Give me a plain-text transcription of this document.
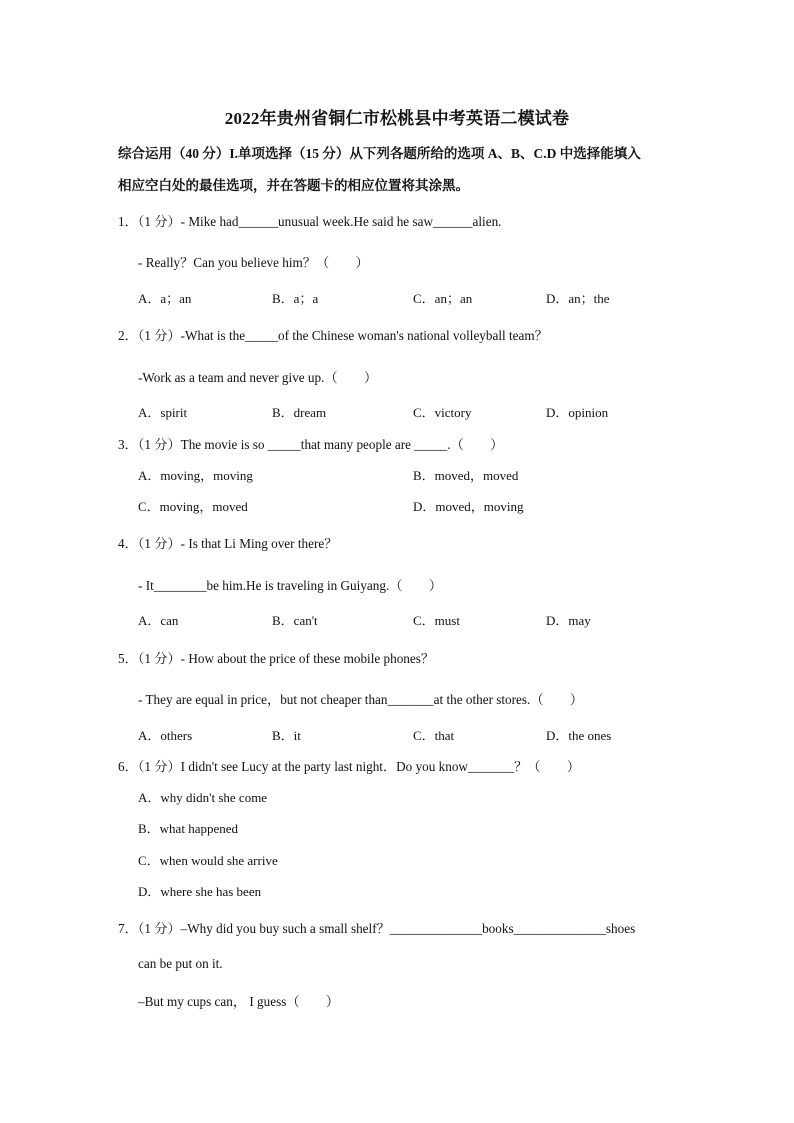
2022年贵州省铜仁市松桃县中考英语二模试卷
综合运用（40 分）I.单项选择（15 分）从下列各题所给的选项 A、B、C.D 中选择能填入
相应空白处的最佳选项，并在答题卡的相应位置将其涂黑。
1．（1 分）- Mike had______unusual week.He said he saw______alien.
- Really？Can you believe him？（　　）
A．a；an	B．a；a	C．an；an	D．an；the
2．（1 分）-What is the_____of the Chinese woman's national volleyball team？
-Work as a team and never give up.（　　）
A．spirit	B．dream	C．victory	D．opinion
3．（1 分）The movie is so _____that many people are _____.（　　）
A．moving，moving	B．moved，moved
C．moving，moved	D．moved，moving
4．（1 分）- Is that Li Ming over there？
- It________be him.He is traveling in Guiyang.（　　）
A．can	B．can't	C．must	D．may
5．（1 分）- How about the price of these mobile phones？
- They are equal in price，but not cheaper than_______at the other stores.（　　）
A．others	B．it	C．that	D．the ones
6．（1 分）I didn't see Lucy at the party last night．Do you know_______？（　　）
A．why didn't she come
B．what happened
C．when would she arrive
D．where she has been
7．（1 分）–Why did you buy such a small shelf？______________books______________shoes
can be put on it.
–But my cups can， I guess（　　）
